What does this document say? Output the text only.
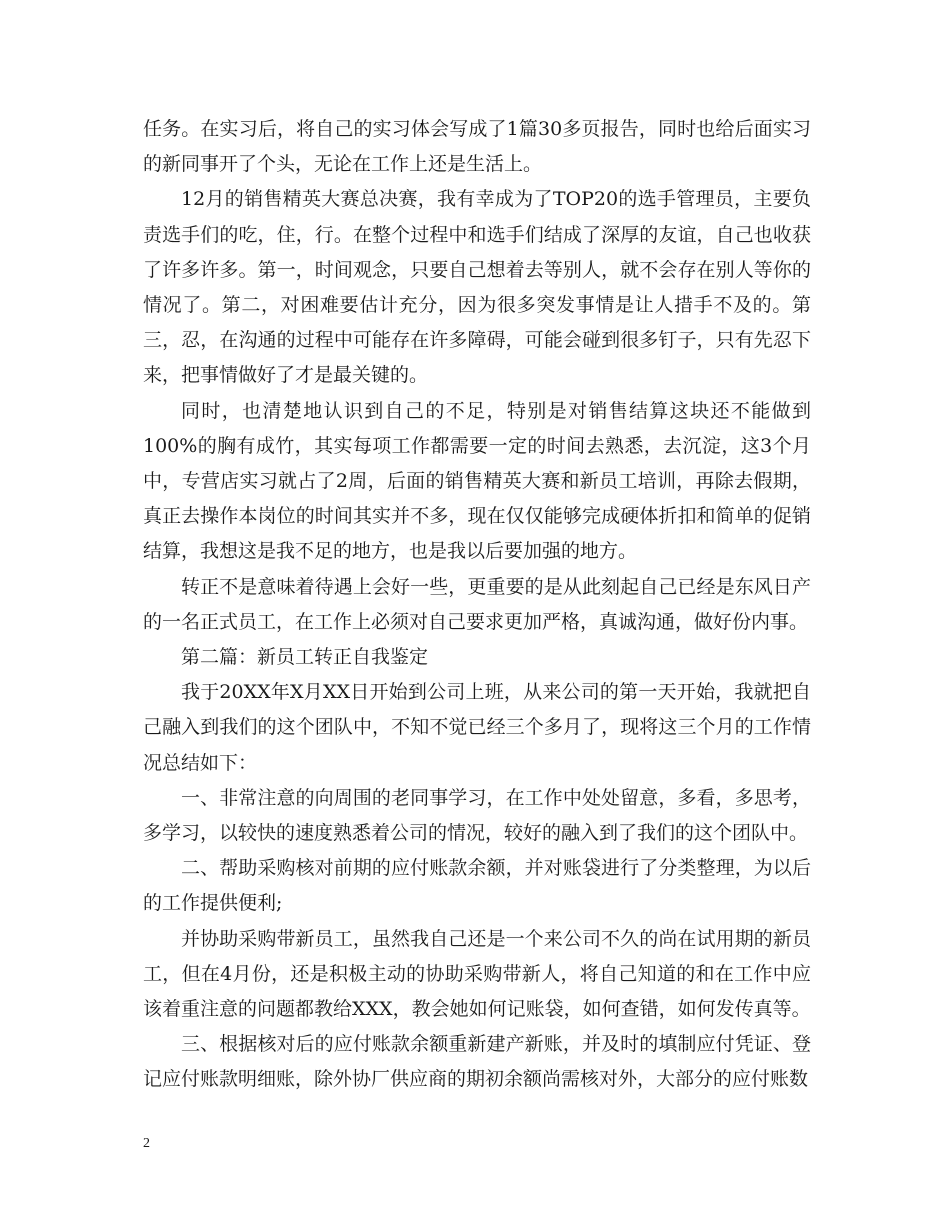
任务。在实习后，将自己的实习体会写成了1篇30多页报告，同时也给后面实习的新同事开了个头，无论在工作上还是生活上。

12月的销售精英大赛总决赛，我有幸成为了TOP20的选手管理员，主要负责选手们的吃，住，行。在整个过程中和选手们结成了深厚的友谊，自己也收获了许多许多。第一，时间观念，只要自己想着去等别人，就不会存在别人等你的情况了。第二，对困难要估计充分，因为很多突发事情是让人措手不及的。第三，忍，在沟通的过程中可能存在许多障碍，可能会碰到很多钉子，只有先忍下来，把事情做好了才是最关键的。

同时，也清楚地认识到自己的不足，特别是对销售结算这块还不能做到100%的胸有成竹，其实每项工作都需要一定的时间去熟悉，去沉淀，这3个月中，专营店实习就占了2周，后面的销售精英大赛和新员工培训，再除去假期，真正去操作本岗位的时间其实并不多，现在仅仅能够完成硬体折扣和简单的促销结算，我想这是我不足的地方，也是我以后要加强的地方。

转正不是意味着待遇上会好一些，更重要的是从此刻起自己已经是东风日产的一名正式员工，在工作上必须对自己要求更加严格，真诚沟通，做好份内事。

第二篇：新员工转正自我鉴定

我于20XX年X月XX日开始到公司上班，从来公司的第一天开始，我就把自己融入到我们的这个团队中，不知不觉已经三个多月了，现将这三个月的工作情况总结如下：

一、非常注意的向周围的老同事学习，在工作中处处留意，多看，多思考，多学习，以较快的速度熟悉着公司的情况，较好的融入到了我们的这个团队中。

二、帮助采购核对前期的应付账款余额，并对账袋进行了分类整理，为以后的工作提供便利;

并协助采购带新员工，虽然我自己还是一个来公司不久的尚在试用期的新员工，但在4月份，还是积极主动的协助采购带新人，将自己知道的和在工作中应该着重注意的问题都教给XXX，教会她如何记账袋，如何查错，如何发传真等。

三、根据核对后的应付账款余额重新建产新账，并及时的填制应付凭证、登记应付账款明细账，除外协厂供应商的期初余额尚需核对外，大部分的应付账数

2
